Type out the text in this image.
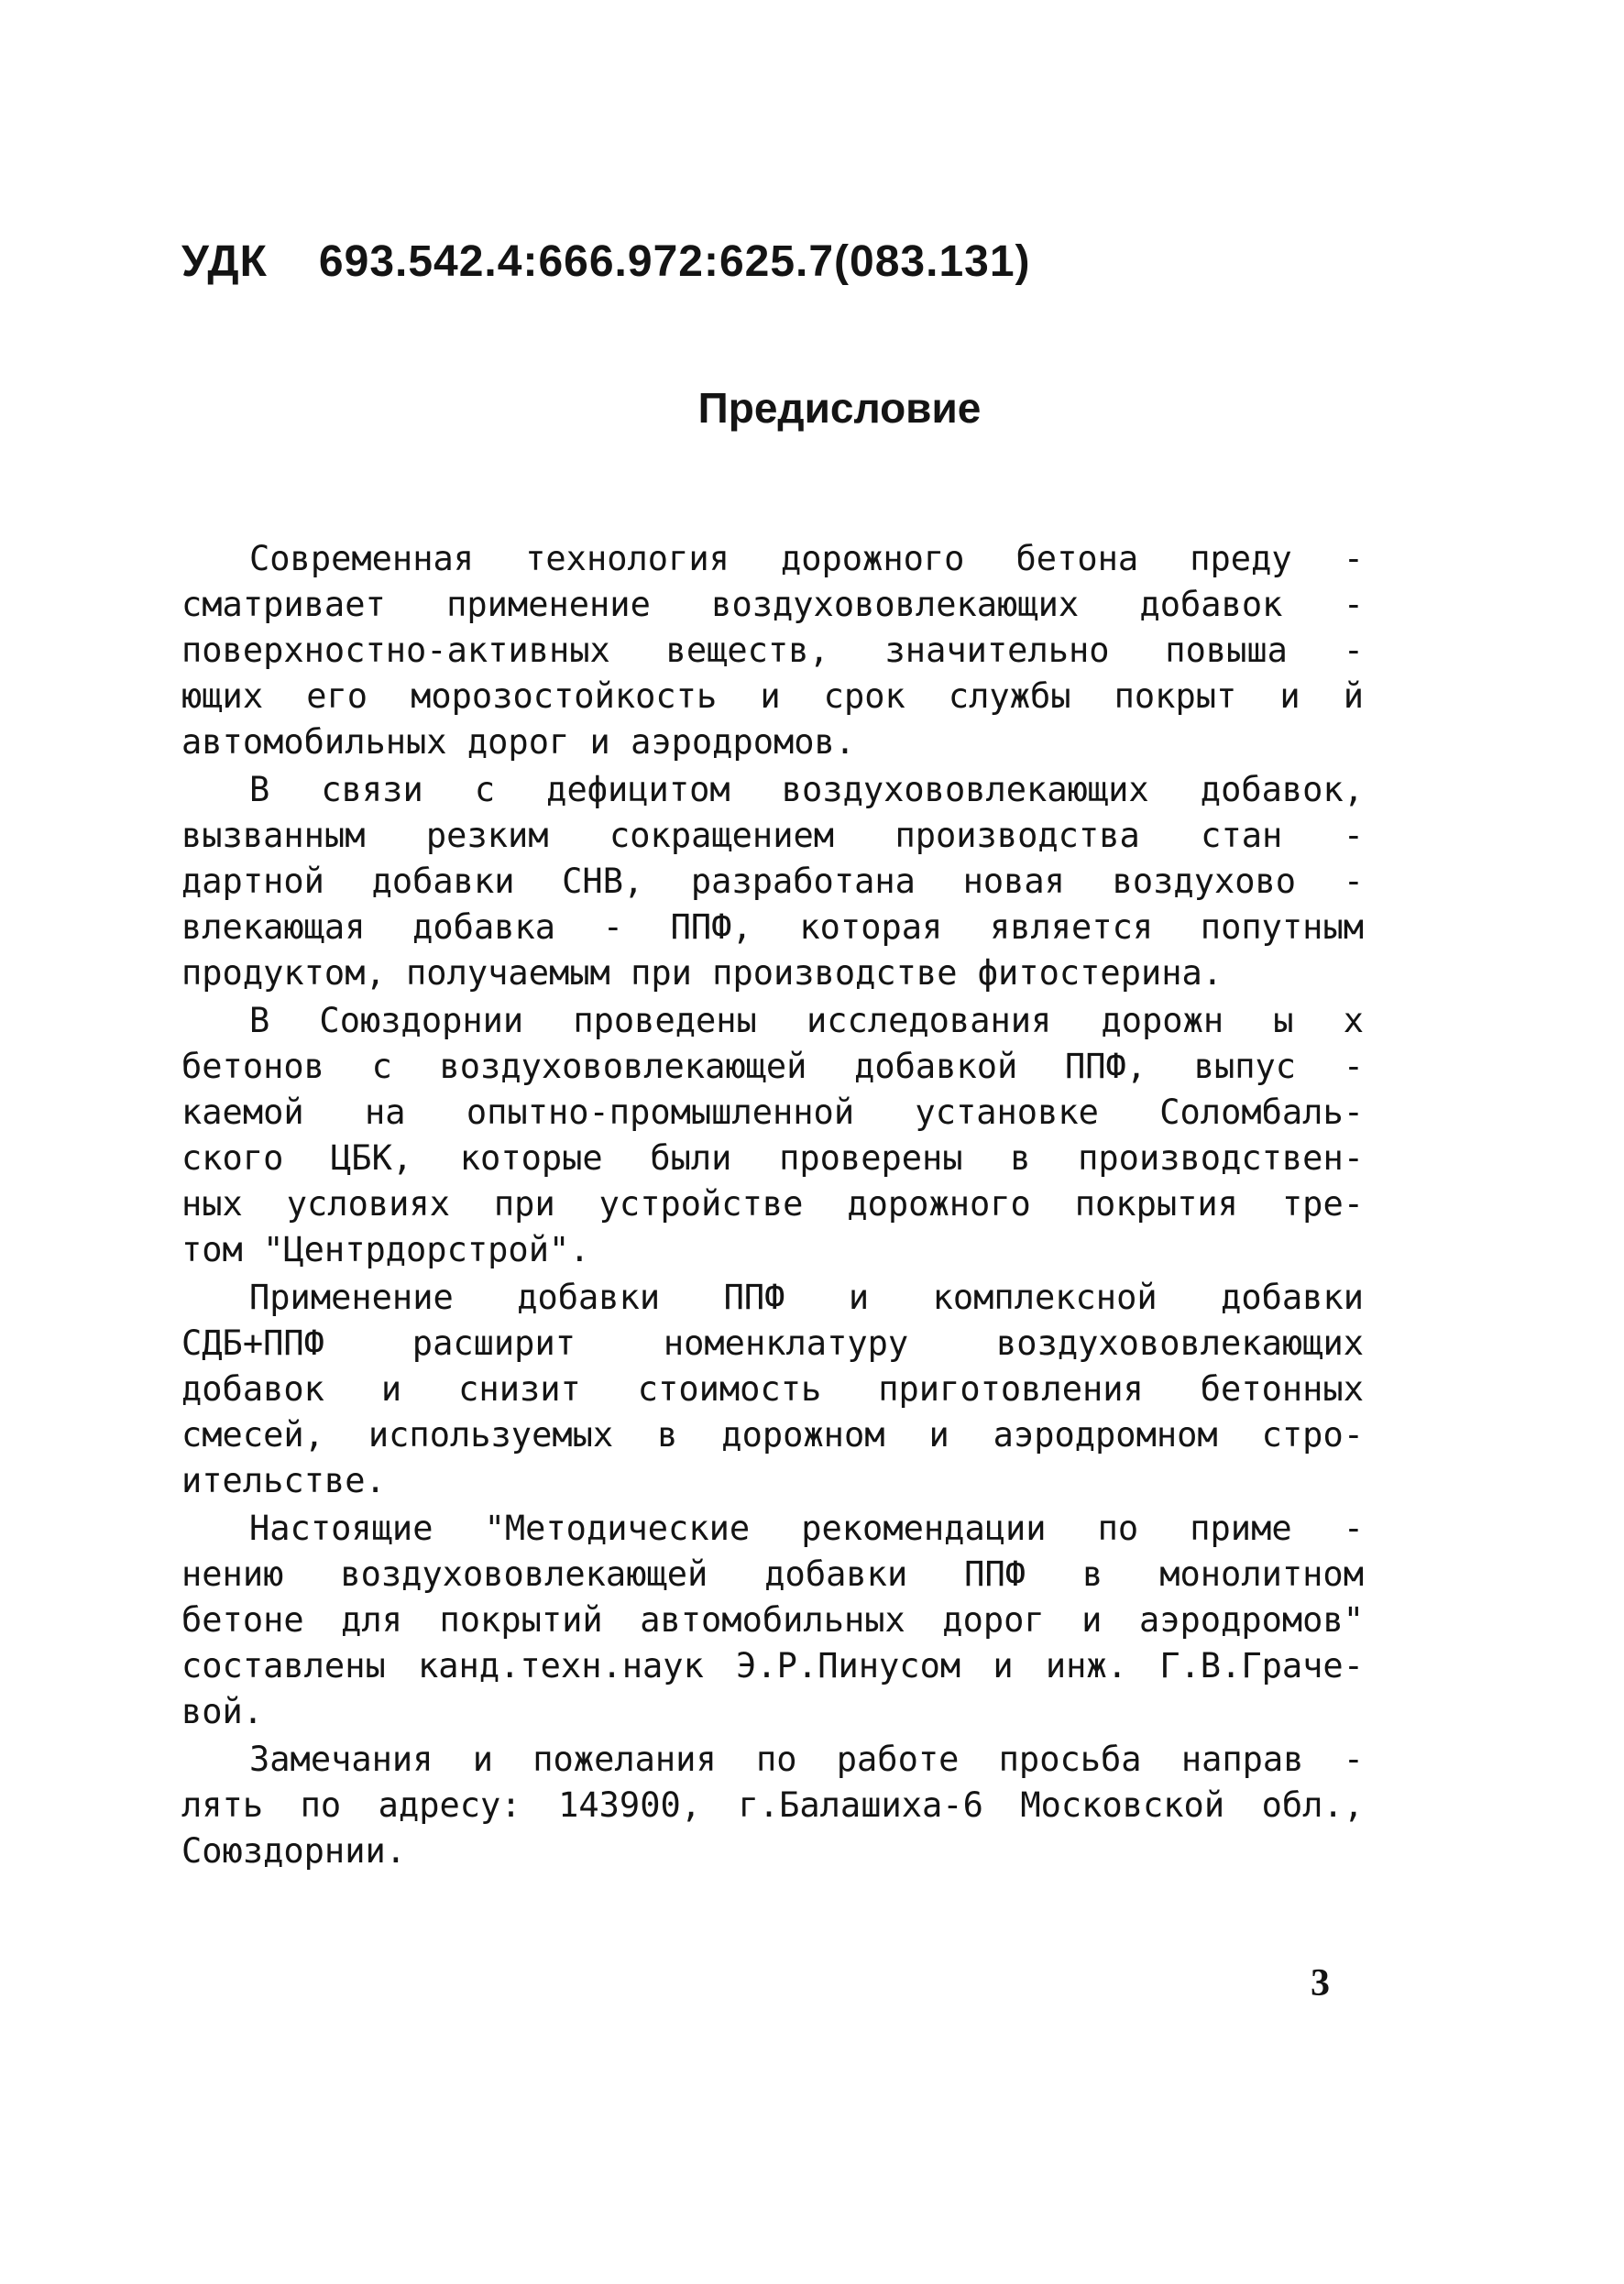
УДК 693.542.4:666.972:625.7(083.131)
Предисловие
Современная технология дорожного бетона преду -
сматривает применение воздухововлекающих добавок -
поверхностно-активных веществ, значительно повыша -
ющих его морозостойкость и срок службы покрыт и й
автомобильных дорог и аэродромов.
В связи с дефицитом воздухововлекающих добавок,
вызванным резким сокращением производства стан -
дартной добавки СНВ, разработана новая воздухово -
влекающая добавка - ППФ, которая является попутным
продуктом, получаемым при производстве фитостерина.
В Союздорнии проведены исследования дорожн ы х
бетонов с воздухововлекающей добавкой ППФ, выпус -
каемой на опытно-промышленной установке Соломбаль-
ского ЦБК, которые были проверены в производствен-
ных условиях при устройстве дорожного покрытия тре-
том "Центрдорстрой".
Применение добавки ППФ и комплексной добавки
СДБ+ППФ расширит номенклатуру воздухововлекающих
добавок и снизит стоимость приготовления бетонных
смесей, используемых в дорожном и аэродромном стро-
ительстве.
Настоящие "Методические рекомендации по приме -
нению воздухововлекающей добавки ППФ в монолитном
бетоне для покрытий автомобильных дорог и аэродромов"
составлены канд.техн.наук Э.Р.Пинусом и инж. Г.В.Граче-
вой.
Замечания и пожелания по работе просьба направ -
лять по адресу: 143900, г.Балашиха-6 Московской обл.,
Союздорнии.
3
